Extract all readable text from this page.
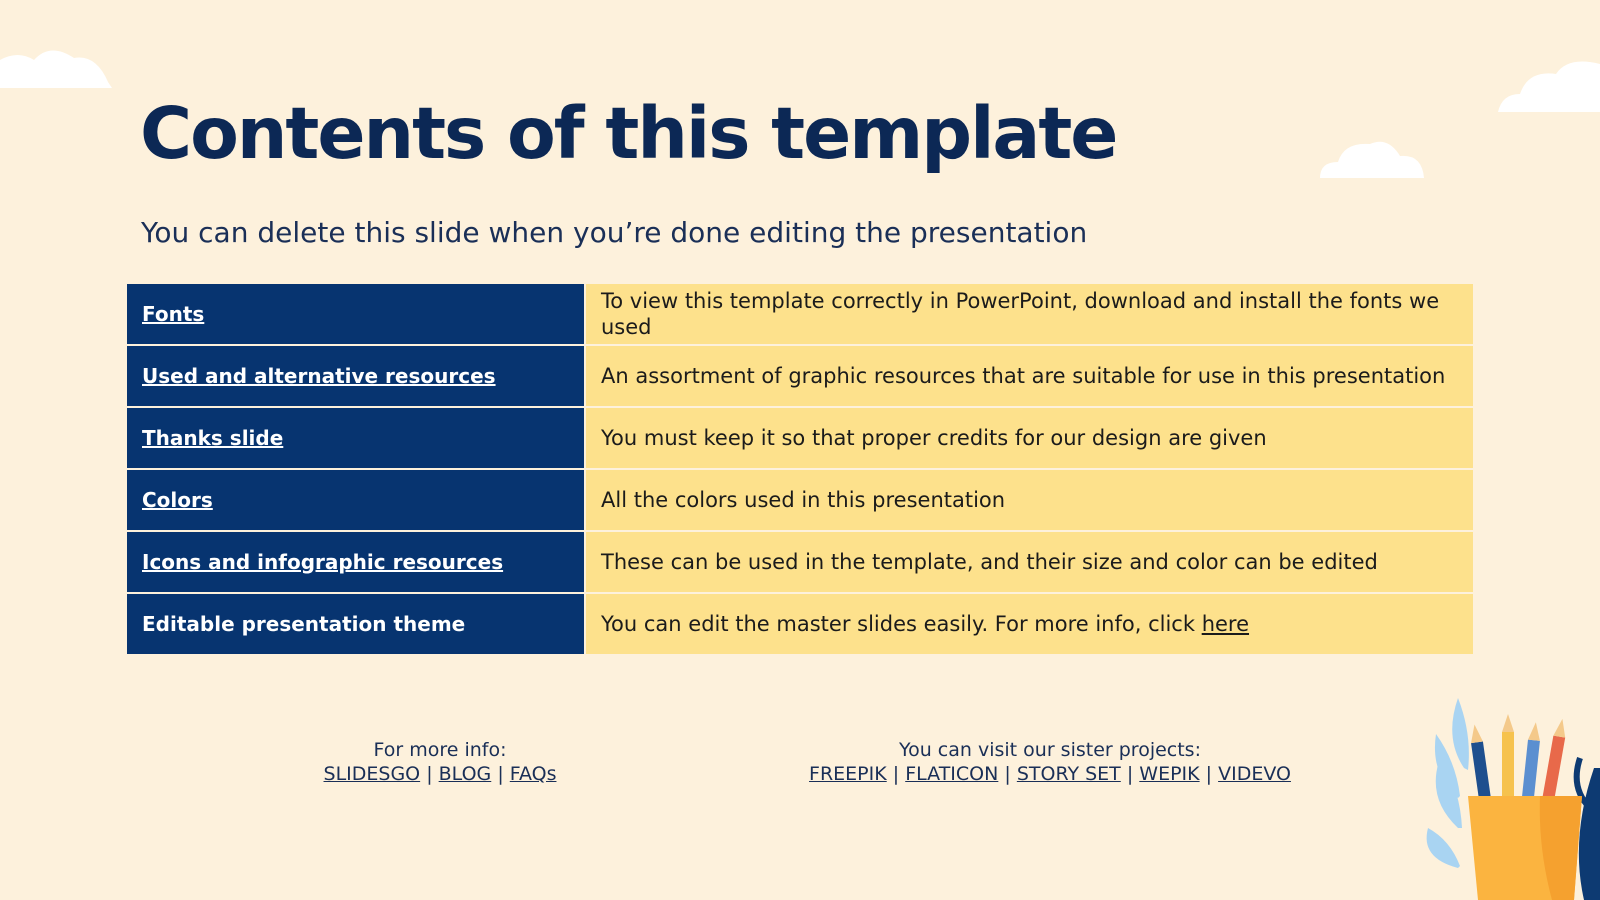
Contents of this template

You can delete this slide when you’re done editing the presentation

Fonts	To view this template correctly in PowerPoint, download and install the fonts we used
Used and alternative resources	An assortment of graphic resources that are suitable for use in this presentation
Thanks slide	You must keep it so that proper credits for our design are given
Colors	All the colors used in this presentation
Icons and infographic resources	These can be used in the template, and their size and color can be edited
Editable presentation theme	You can edit the master slides easily. For more info, click here
For more info:
SLIDESGO | BLOG | FAQs
You can visit our sister projects:
FREEPIK | FLATICON | STORY SET | WEPIK | VIDEVO
